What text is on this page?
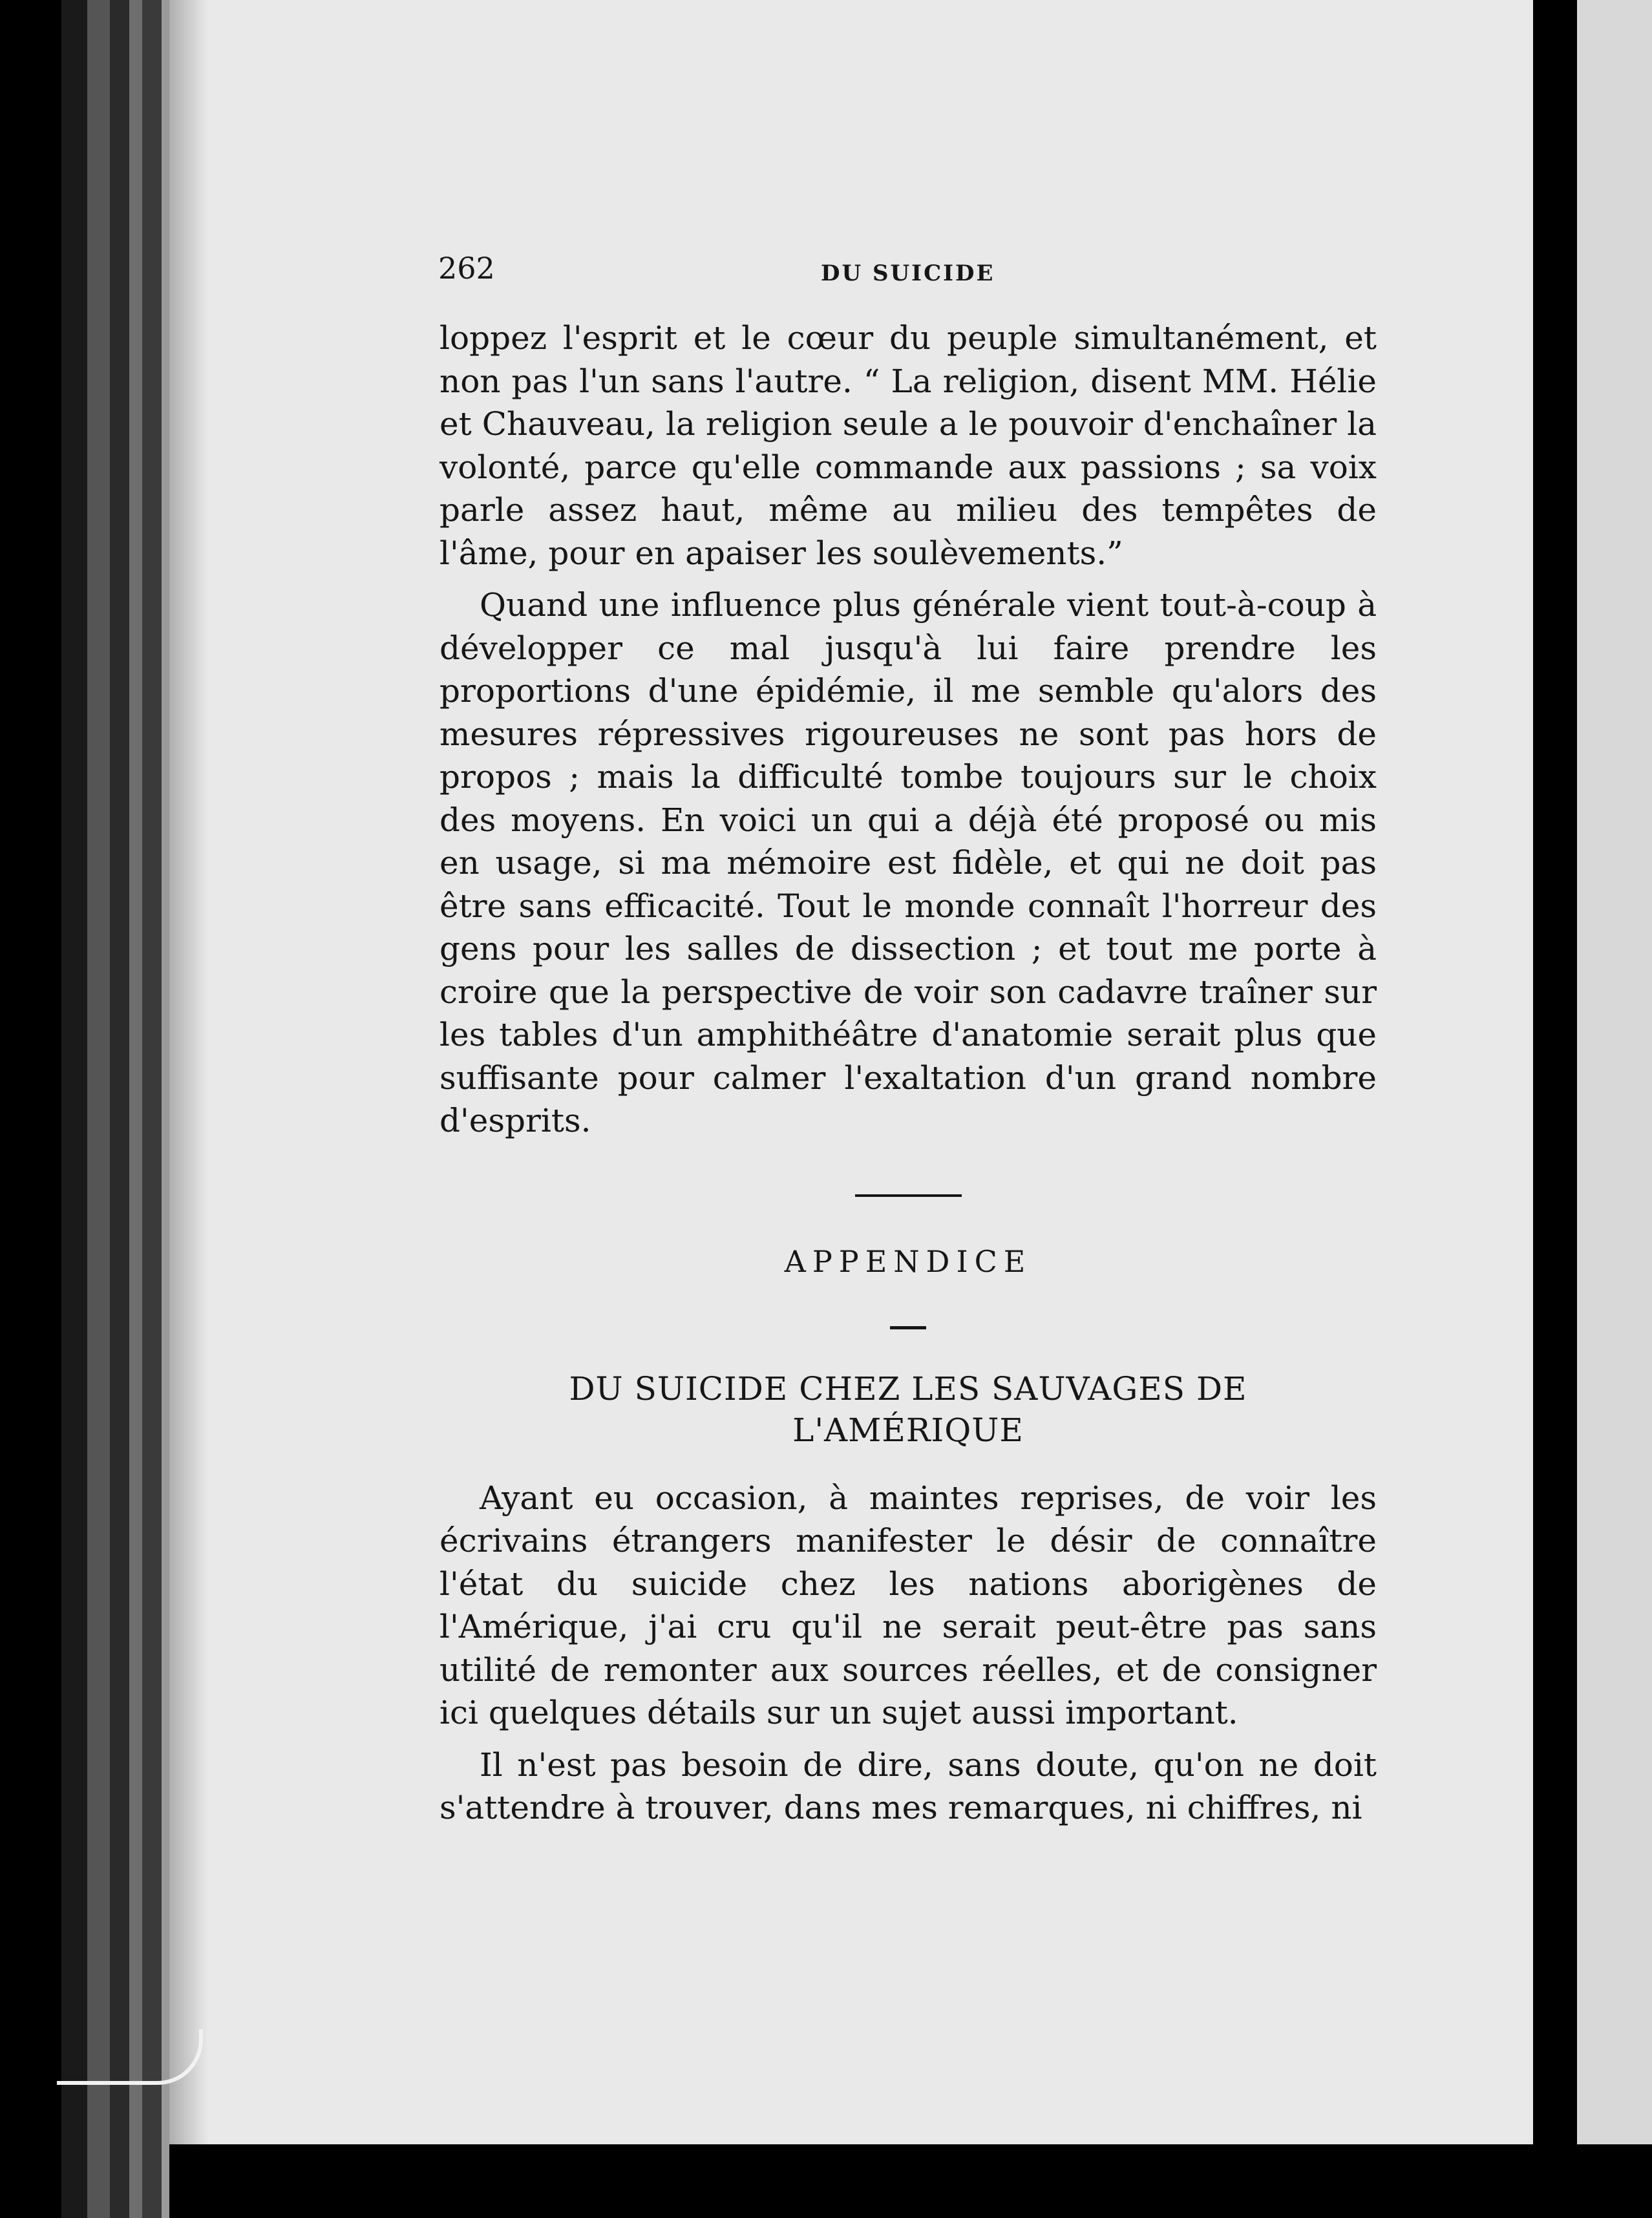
262	DU SUICIDE

loppez l'esprit et le cœur du peuple simultanément, et non pas l'un sans l'autre. “ La religion, disent MM. Hélie et Chauveau, la religion seule a le pouvoir d'enchaîner la volonté, parce qu'elle commande aux passions ; sa voix parle assez haut, même au milieu des tempêtes de l'âme, pour en apaiser les soulèvements.”

Quand une influence plus générale vient tout-à-coup à développer ce mal jusqu'à lui faire prendre les proportions d'une épidémie, il me semble qu'alors des mesures répressives rigoureuses ne sont pas hors de propos ; mais la difficulté tombe toujours sur le choix des moyens. En voici un qui a déjà été proposé ou mis en usage, si ma mémoire est fidèle, et qui ne doit pas être sans efficacité. Tout le monde connaît l'horreur des gens pour les salles de dissection ; et tout me porte à croire que la perspective de voir son cadavre traîner sur les tables d'un amphithéâtre d'anatomie serait plus que suffisante pour calmer l'exaltation d'un grand nombre d'esprits.

APPENDICE
DU SUICIDE CHEZ LES SAUVAGES DE
L'AMÉRIQUE

Ayant eu occasion, à maintes reprises, de voir les écrivains étrangers manifester le désir de connaître l'état du suicide chez les nations aborigènes de l'Amérique, j'ai cru qu'il ne serait peut-être pas sans utilité de remonter aux sources réelles, et de consigner ici quelques détails sur un sujet aussi important.

Il n'est pas besoin de dire, sans doute, qu'on ne doit s'attendre à trouver, dans mes remarques, ni chiffres, ni
